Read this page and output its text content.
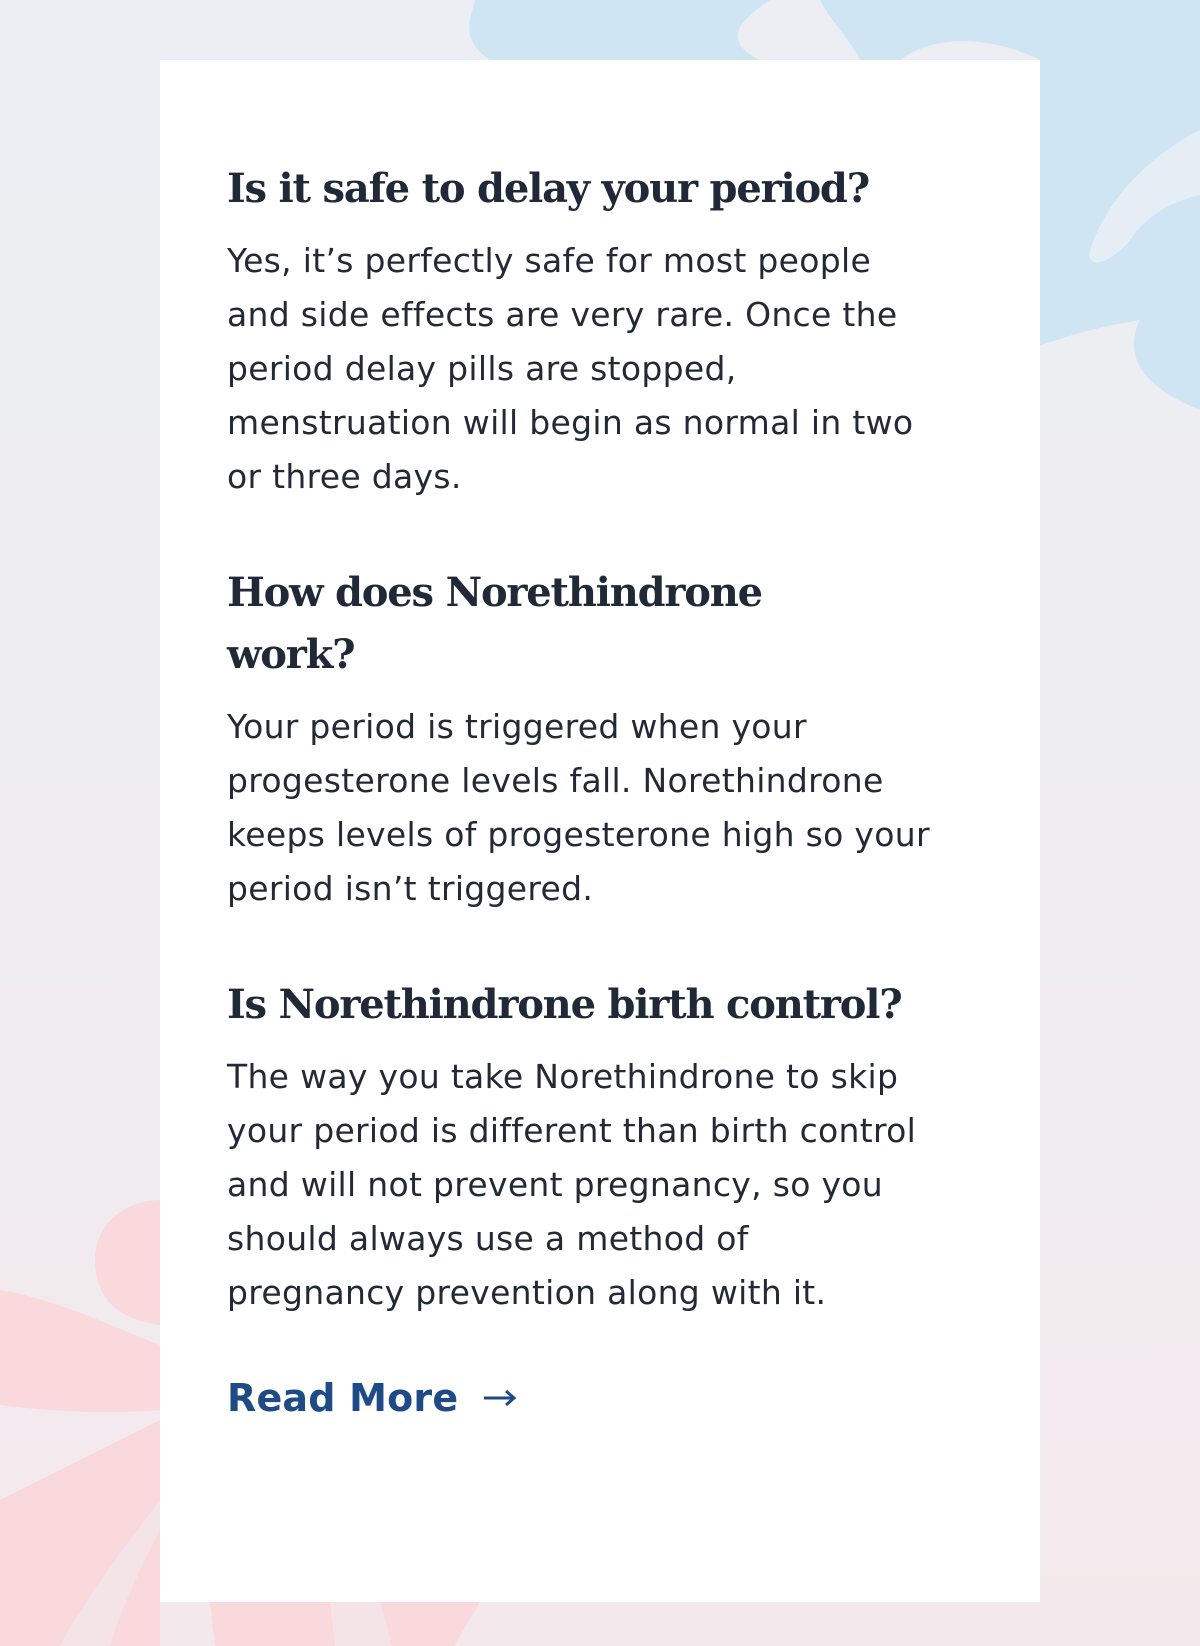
Is it safe to delay your period?

Yes, it’s perfectly safe for most people and side effects are very rare. Once the period delay pills are stopped, menstruation will begin as normal in two or three days.

How does Norethindrone work?

Your period is triggered when your progesterone levels fall. Norethindrone keeps levels of progesterone high so your period isn’t triggered.

Is Norethindrone birth control?

The way you take Norethindrone to skip your period is different than birth control and will not prevent pregnancy, so you should always use a method of pregnancy prevention along with it.

Read More
